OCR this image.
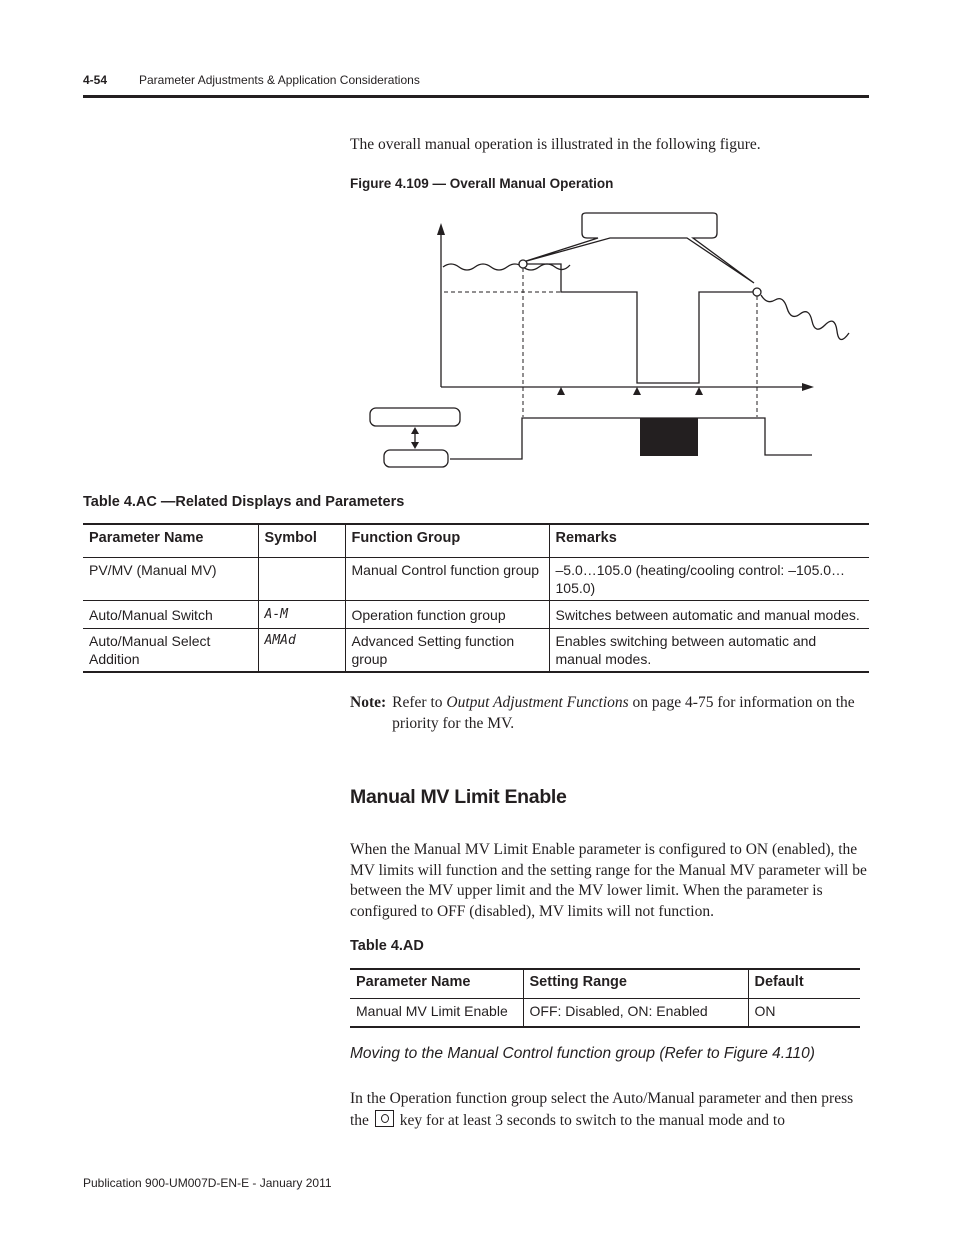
4-54	Parameter Adjustments & Application Considerations
The overall manual operation is illustrated in the following figure.
Figure 4.109 — Overall Manual Operation
Table 4.AC —Related Displays and Parameters
Parameter Name	Symbol	Function Group	Remarks
PV/MV (Manual MV)		Manual Control function group	–5.0…105.0 (heating/cooling control: –105.0…105.0)
Auto/Manual Switch	A-M	Operation function group	Switches between automatic and manual modes.
Auto/Manual Select Addition	AMAd	Advanced Setting function group	Enables switching between automatic and manual modes.
Note: Refer to Output Adjustment Functions on page 4-75 for information on the priority for the MV.
Manual MV Limit Enable
When the Manual MV Limit Enable parameter is configured to ON (enabled), the MV limits will function and the setting range for the Manual MV parameter will be between the MV upper limit and the MV lower limit. When the parameter is configured to OFF (disabled), MV limits will not function.
Table 4.AD
Parameter Name	Setting Range	Default
Manual MV Limit Enable	OFF: Disabled, ON: Enabled	ON
Moving to the Manual Control function group (Refer to Figure 4.110)
In the Operation function group select the Auto/Manual parameter and then press the key for at least 3 seconds to switch to the manual mode and to
Publication 900-UM007D-EN-E - January 2011
